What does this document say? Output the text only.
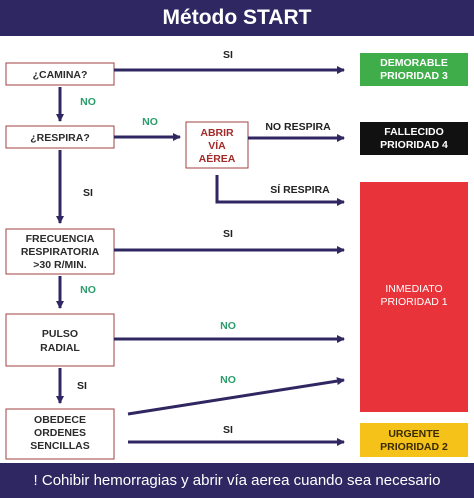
Método START
¿CAMINA?
¿RESPIRA?	ABRIR
VÍA
AÉREA
FRECUENCIA
RESPIRATORIA
>30 R/MIN.
PULSO
RADIAL
OBEDECE
ORDENES
SENCILLAS
DEMORABLE
PRIORIDAD 3
FALLECIDO
PRIORIDAD 4
INMEDIATO
PRIORIDAD 1
URGENTE
PRIORIDAD 2
SI
NO
NO	NO RESPIRA
SÍ RESPIRA
SI
SI
NO
NO
SI	NO
SI
! Cohibir hemorragias y abrir vía aerea cuando sea necesario
